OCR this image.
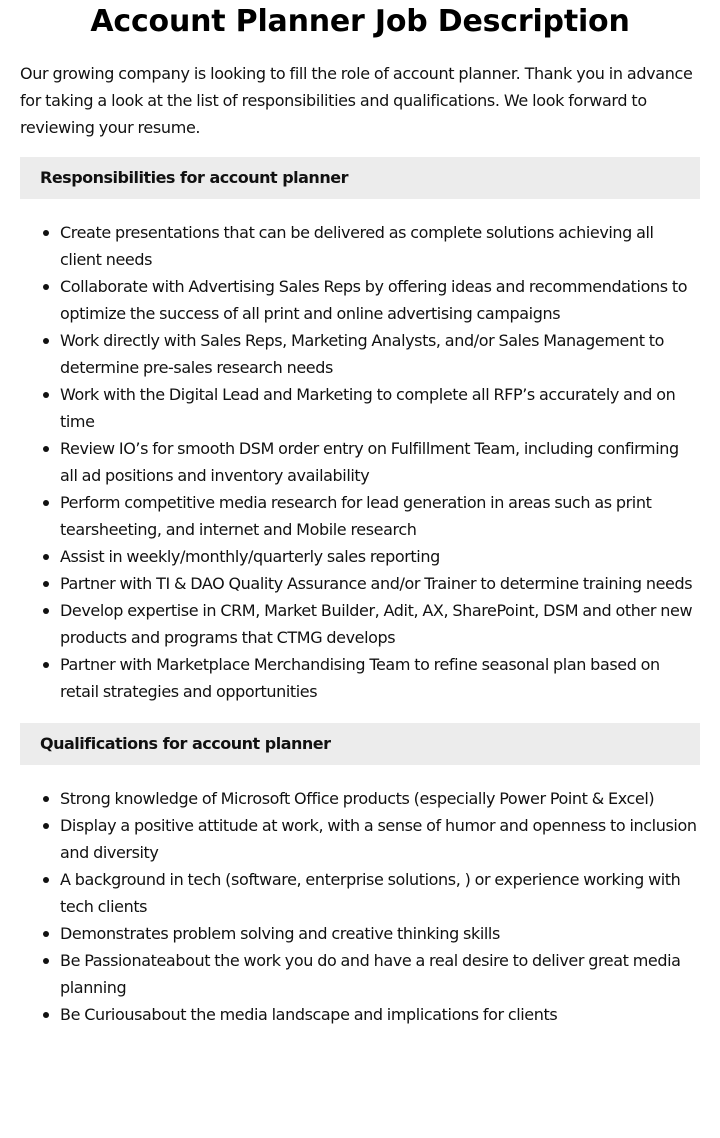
Account Planner Job Description

Our growing company is looking to fill the role of account planner. Thank you in advance for taking a look at the list of responsibilities and qualifications. We look forward to reviewing your resume.

Responsibilities for account planner
Create presentations that can be delivered as complete solutions achieving all client needs
Collaborate with Advertising Sales Reps by offering ideas and recommendations to optimize the success of all print and online advertising campaigns
Work directly with Sales Reps, Marketing Analysts, and/or Sales Management to determine pre-sales research needs
Work with the Digital Lead and Marketing to complete all RFP’s accurately and on time
Review IO’s for smooth DSM order entry on Fulfillment Team, including confirming all ad positions and inventory availability
Perform competitive media research for lead generation in areas such as print tearsheeting, and internet and Mobile research
Assist in weekly/monthly/quarterly sales reporting
Partner with TI & DAO Quality Assurance and/or Trainer to determine training needs
Develop expertise in CRM, Market Builder, Adit, AX, SharePoint, DSM and other new products and programs that CTMG develops
Partner with Marketplace Merchandising Team to refine seasonal plan based on retail strategies and opportunities
Qualifications for account planner
Strong knowledge of Microsoft Office products (especially Power Point & Excel)
Display a positive attitude at work, with a sense of humor and openness to inclusion and diversity
A background in tech (software, enterprise solutions, ) or experience working with tech clients
Demonstrates problem solving and creative thinking skills
Be Passionateabout the work you do and have a real desire to deliver great media planning
Be Curiousabout the media landscape and implications for clients
